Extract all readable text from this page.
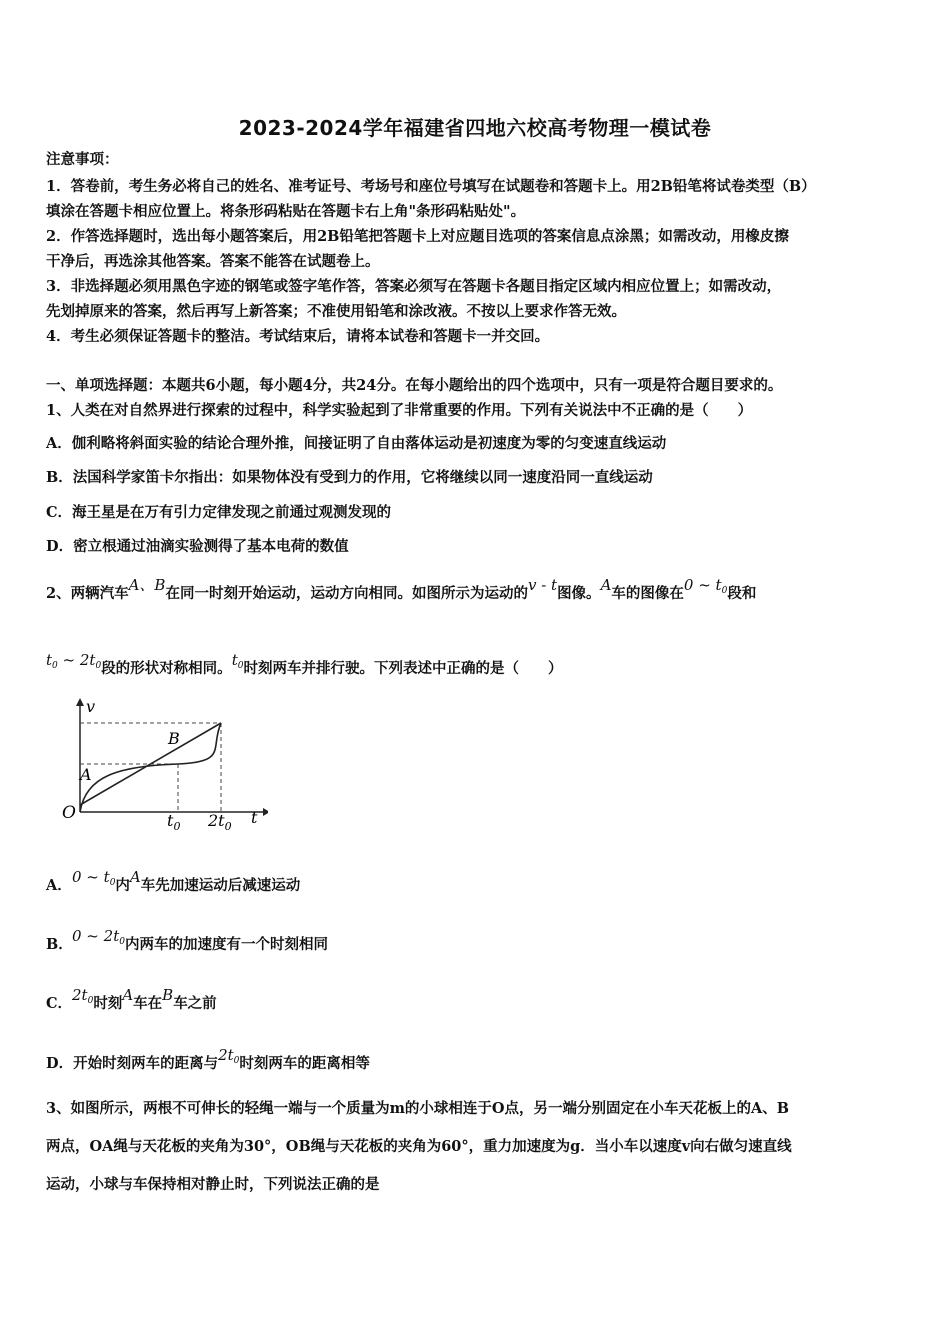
2023-2024学年福建省四地六校高考物理一模试卷
注意事项：
1．答卷前，考生务必将自己的姓名、准考证号、考场号和座位号填写在试题卷和答题卡上。用2B铅笔将试卷类型（B）
填涂在答题卡相应位置上。将条形码粘贴在答题卡右上角"条形码粘贴处"。
2．作答选择题时，选出每小题答案后，用2B铅笔把答题卡上对应题目选项的答案信息点涂黑；如需改动，用橡皮擦
干净后，再选涂其他答案。答案不能答在试题卷上。
3．非选择题必须用黑色字迹的钢笔或签字笔作答，答案必须写在答题卡各题目指定区域内相应位置上；如需改动，
先划掉原来的答案，然后再写上新答案；不准使用铅笔和涂改液。不按以上要求作答无效。
4．考生必须保证答题卡的整洁。考试结束后，请将本试卷和答题卡一并交回。
一、单项选择题：本题共6小题，每小题4分，共24分。在每小题给出的四个选项中，只有一项是符合题目要求的。
1、人类在对自然界进行探索的过程中，科学实验起到了非常重要的作用。下列有关说法中不正确的是（　　）
A．伽利略将斜面实验的结论合理外推，间接证明了自由落体运动是初速度为零的匀变速直线运动
B．法国科学家笛卡尔指出：如果物体没有受到力的作用，它将继续以同一速度沿同一直线运动
C．海王星是在万有引力定律发现之前通过观测发现的
D．密立根通过油滴实验测得了基本电荷的数值
2、两辆汽车A、B在同一时刻开始运动，运动方向相同。如图所示为运动的v - t图像。A车的图像在0 ~ $t_0$段和
$t_0$ ~ $2t_0$段的形状对称相同。$t_0$时刻两车并排行驶。下列表述中正确的是（　　）
v
t
O	$t_0$ $2t_0$
A
B
A．0 ~ $t_0$内A车先加速运动后减速运动
B．0 ~ $2t_0$内两车的加速度有一个时刻相同
C．$2t_0$时刻A车在B车之前
D．开始时刻两车的距离与$2t_0$时刻两车的距离相等
3、如图所示，两根不可伸长的轻绳一端与一个质量为m的小球相连于O点，另一端分别固定在小车天花板上的A、B
两点，OA绳与天花板的夹角为30°，OB绳与天花板的夹角为60°，重力加速度为g．当小车以速度v向右做匀速直线
运动，小球与车保持相对静止时，下列说法正确的是
